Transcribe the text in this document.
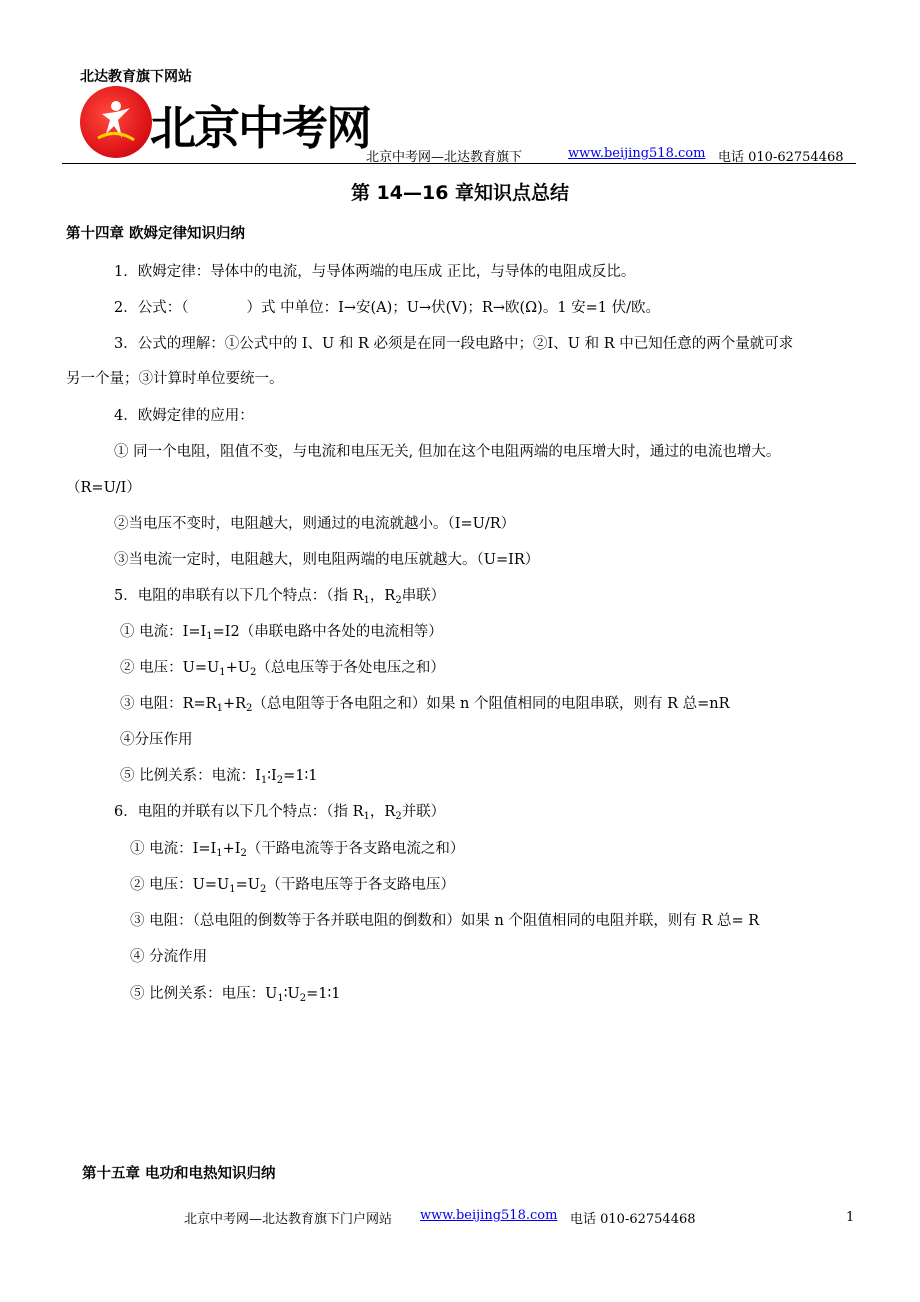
北达教育旗下网站
北京中考网
北京中考网—北达教育旗下	www.beijing518.com 电话 010-62754468
第 14—16 章知识点总结
第十四章 欧姆定律知识归纳
1．欧姆定律：导体中的电流，与导体两端的电压成 正比，与导体的电阻成反比。
2．公式：（	）式 中单位：I→安(A)；U→伏(V)；R→欧(Ω)。1 安=1 伏/欧。
3．公式的理解：①公式中的 I、U 和 R 必须是在同一段电路中；②I、U 和 R 中已知任意的两个量就可求
另一个量；③计算时单位要统一。
4．欧姆定律的应用：
① 同一个电阻，阻值不变，与电流和电压无关, 但加在这个电阻两端的电压增大时，通过的电流也增大。
（R=U/I）
②当电压不变时，电阻越大，则通过的电流就越小。（I=U/R）
③当电流一定时，电阻越大，则电阻两端的电压就越大。（U=IR）
5．电阻的串联有以下几个特点：（指 $R_1$，$R_2$串联）
① 电流：$I=I_1=I2$（串联电路中各处的电流相等）
② 电压：$U=U_1+U_2$（总电压等于各处电压之和）
③ 电阻：$R=R_1+R_2$（总电阻等于各电阻之和）如果 n 个阻值相同的电阻串联，则有 R 总=nR
④分压作用
⑤ 比例关系：电流：$I_1∶I_2=1∶1$
6．电阻的并联有以下几个特点：（指 $R_1$，$R_2$并联）
① 电流：$I=I_1+I_2$（干路电流等于各支路电流之和）
② 电压：$U=U_1=U_2$（干路电压等于各支路电压）
③ 电阻：（总电阻的倒数等于各并联电阻的倒数和）如果 n 个阻值相同的电阻并联，则有 R 总= R
④ 分流作用
⑤ 比例关系：电压：$U_1∶U_2=1∶1$
第十五章 电功和电热知识归纳
北京中考网—北达教育旗下门户网站 www.beijing518.com 电话 010-62754468	1
